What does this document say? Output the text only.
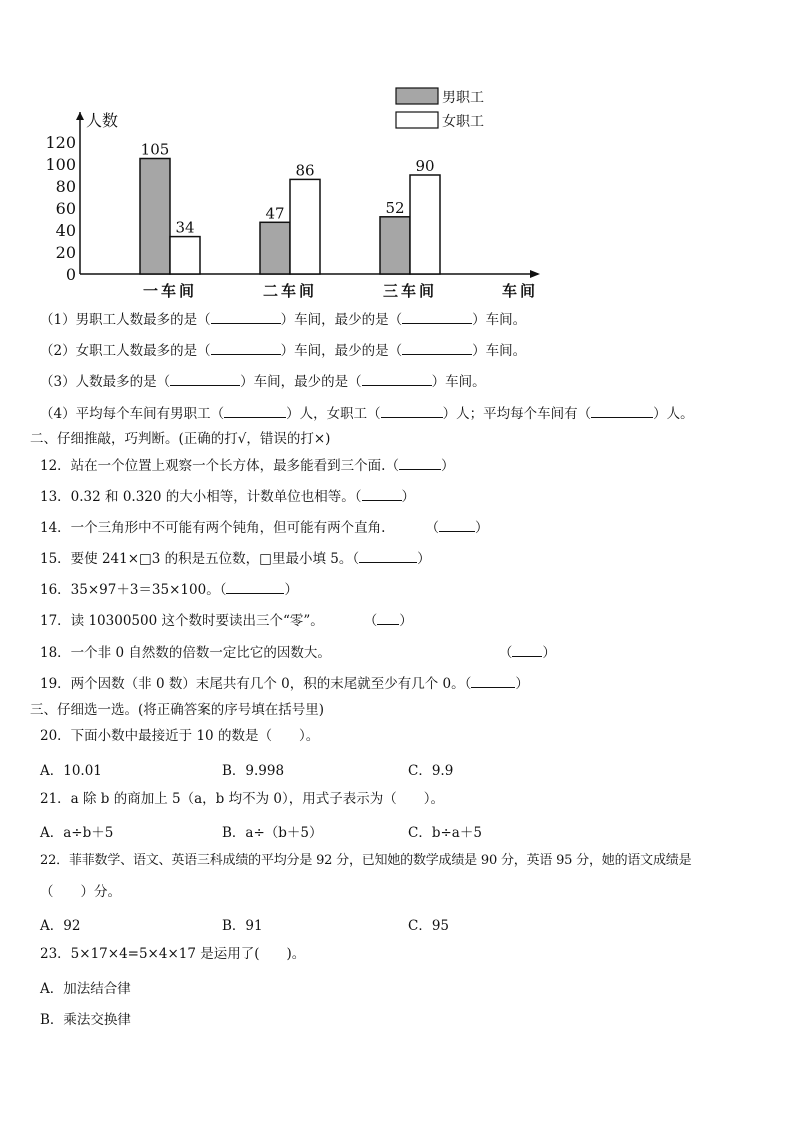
人数
0
20
40
60
80
100
120	105
34
一车间
47
86
二车间
52
90
三车间	车间
男职工
女职工
（1）男职工人数最多的是（	）车间，最少的是（	）车间。
（2）女职工人数最多的是（	）车间，最少的是（	）车间。
（3）人数最多的是（	）车间，最少的是（	）车间。
（4）平均每个车间有男职工（	）人，女职工（	）人；平均每个车间有（	）人。
二、仔细推敲，巧判断。(正确的打√，错误的打×)
12．站在一个位置上观察一个长方体，最多能看到三个面.（	）
13．0.32 和 0.320 的大小相等，计数单位也相等。（	）
14．一个三角形中不可能有两个钝角，但可能有两个直角.	（	）
15．要使 241×□3 的积是五位数，□里最小填 5。（	）
16．35×97＋3＝35×100。（	）
17．读 10300500 这个数时要读出三个“零”。	（ ）
18．一个非 0 自然数的倍数一定比它的因数大。	（ ）
19．两个因数（非 0 数）末尾共有几个 0，积的末尾就至少有几个 0。（	）
三、仔细选一选。(将正确答案的序号填在括号里)
20．下面小数中最接近于 10 的数是（　　）。
A．10.01	B．9.998	C．9.9
21．a 除 b 的商加上 5（a，b 均不为 0），用式子表示为（　　）。
A．a÷b＋5	B．a÷（b＋5）	C．b÷a＋5
22．菲菲数学、语文、英语三科成绩的平均分是 92 分，已知她的数学成绩是 90 分，英语 95 分，她的语文成绩是
（　　）分。
A．92	B．91	C．95
23．5×17×4=5×4×17 是运用了(　　)。
A．加法结合律
B．乘法交换律
